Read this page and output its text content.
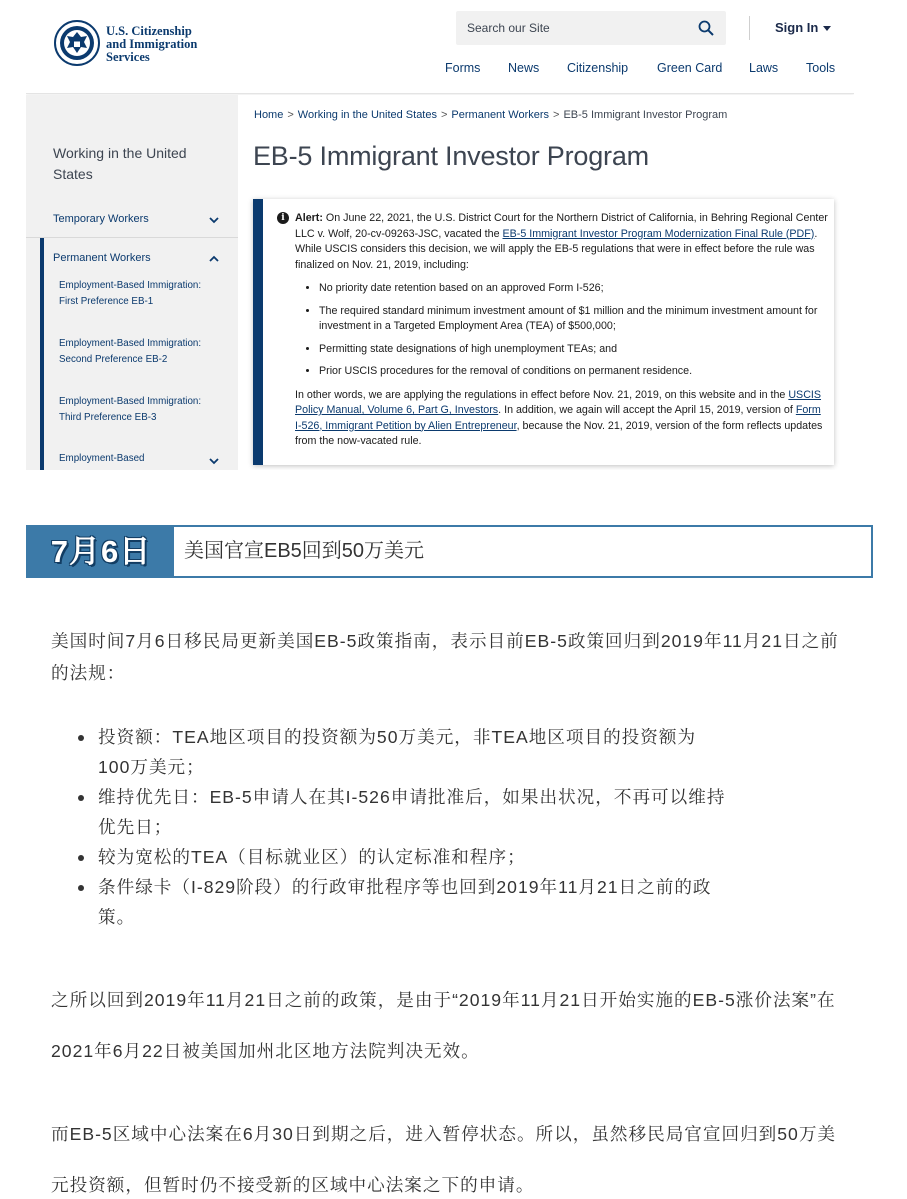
U.S. Citizenship
and Immigration
Services
Search our Site
Sign In
Forms News Citizenship Green Card Laws Tools
Working in the United States
Temporary Workers
Permanent Workers
Employment-Based Immigration: First Preference EB-1
Employment-Based Immigration: Second Preference EB-2
Employment-Based Immigration: Third Preference EB-3
Employment-Based
Home > Working in the United States > Permanent Workers > EB-5 Immigrant Investor Program
EB-5 Immigrant Investor Program
i Alert: On June 22, 2021, the U.S. District Court for the Northern District of California, in Behring Regional Center LLC v. Wolf, 20-cv-09263-JSC, vacated the EB-5 Immigrant Investor Program Modernization Final Rule (PDF). While USCIS considers this decision, we will apply the EB-5 regulations that were in effect before the rule was finalized on Nov. 21, 2019, including:

• No priority date retention based on an approved Form I-526;
• The required standard minimum investment amount of $1 million and the minimum investment amount for investment in a Targeted Employment Area (TEA) of $500,000;
• Permitting state designations of high unemployment TEAs; and
• Prior USCIS procedures for the removal of conditions on permanent residence.

In other words, we are applying the regulations in effect before Nov. 21, 2019, on this website and in the USCIS Policy Manual, Volume 6, Part G, Investors. In addition, we again will accept the April 15, 2019, version of Form I-526, Immigrant Petition by Alien Entrepreneur, because the Nov. 21, 2019, version of the form reflects updates from the now-vacated rule.

7月6日	美国官宣EB5回到50万美元

美国时间7月6日移民局更新美国EB-5政策指南，表示目前EB-5政策回归到2019年11月21日之前的法规：

投资额：TEA地区项目的投资额为50万美元，非TEA地区项目的投资额为100万美元；
维持优先日：EB-5申请人在其I-526申请批准后，如果出状况，不再可以维持优先日；
较为宽松的TEA（目标就业区）的认定标准和程序；
条件绿卡（I-829阶段）的行政审批程序等也回到2019年11月21日之前的政策。

之所以回到2019年11月21日之前的政策，是由于“2019年11月21日开始实施的EB-5涨价法案”在2021年6月22日被美国加州北区地方法院判决无效。

而EB-5区域中心法案在6月30日到期之后，进入暂停状态。所以，虽然移民局官宣回归到50万美元投资额，但暂时仍不接受新的区域中心法案之下的申请。
